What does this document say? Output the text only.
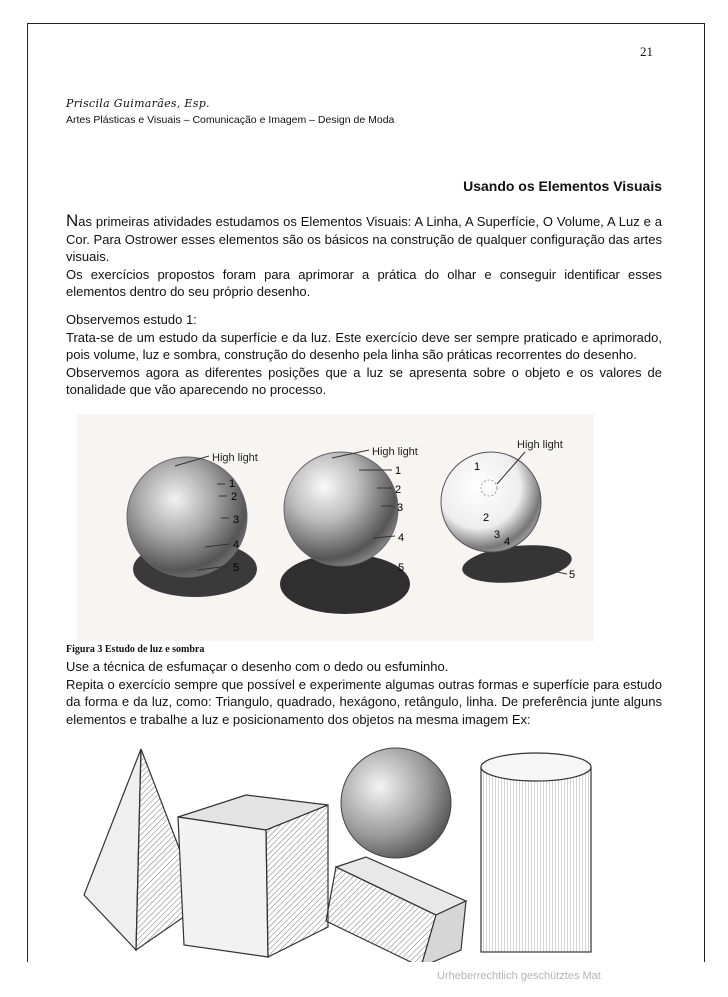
21
Priscila Guimarães, Esp.
Artes Plásticas e Visuais – Comunicação e Imagem – Design de Moda
Usando os Elementos Visuais

Nas primeiras atividades estudamos os Elementos Visuais: A Linha, A Superfície, O Volume, A Luz e a Cor. Para Ostrower esses elementos são os básicos na construção de qualquer configuração das artes visuais.
Os exercícios propostos foram para aprimorar a prática do olhar e conseguir identificar esses elementos dentro do seu próprio desenho.

Observemos estudo 1:
Trata-se de um estudo da superfície e da luz. Este exercício deve ser sempre praticado e aprimorado, pois volume, luz e sombra, construção do desenho pela linha são práticas recorrentes do desenho.
Observemos agora as diferentes posições que a luz se apresenta sobre o objeto e os valores de tonalidade que vão aparecendo no processo.

High light
1
2
3
4
5
High light
1
2
3
4
5
High light
1
2
3
4
5
Figura 3 Estudo de luz e sombra

Use a técnica de esfumaçar o desenho com o dedo ou esfuminho.
Repita o exercício sempre que possível e experimente algumas outras formas e superfície para estudo da forma e da luz, como: Triangulo, quadrado, hexágono, retângulo, linha. De preferência junte alguns elementos e trabalhe a luz e posicionamento dos objetos na mesma imagem Ex:

Urheberrechtlich geschütztes Mat
